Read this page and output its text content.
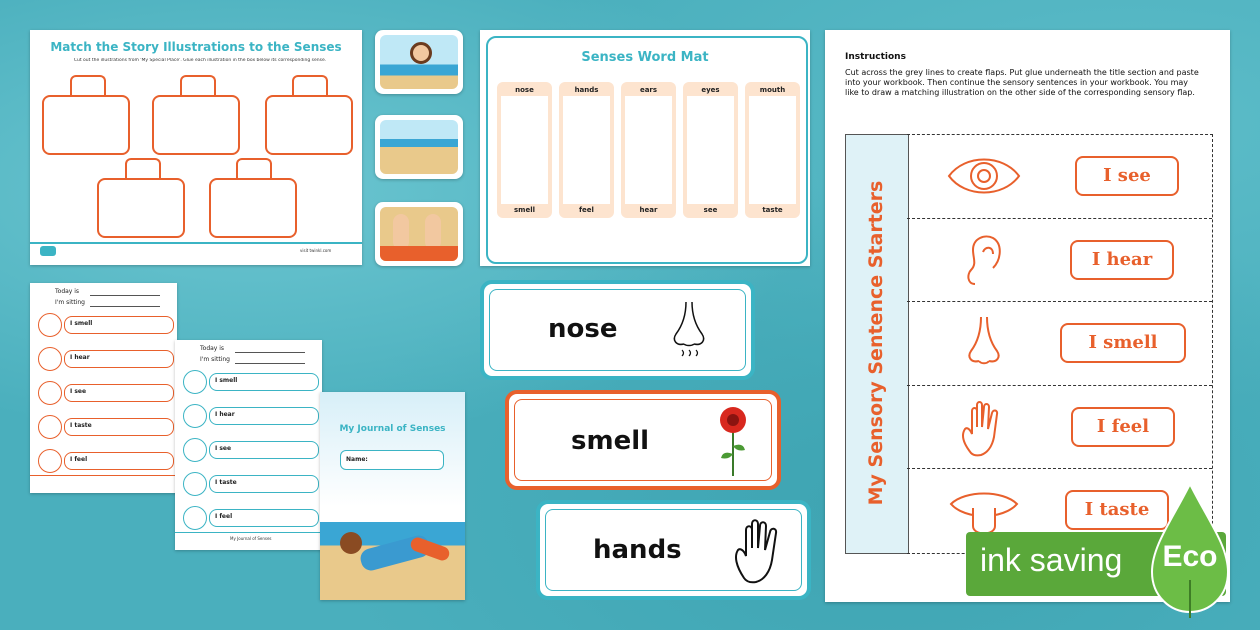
Match the Story Illustrations to the Senses
Cut out the illustrations from 'My Special Place'. Glue each illustration in the box below its corresponding sense.
visit twinkl.com
Senses Word Mat
nose
smell
hands
feel
ears
hear
eyes
see
mouth
taste
Today is
I'm sitting
I smell
I hear
I see
I taste
I feel
Today is
I'm sitting
I smell
I hear
I see
I taste
I feel
My Journal of Senses
My Journal of Senses
Name:
nose
smell
hands
Instructions
Cut across the grey lines to create flaps. Put glue underneath the title section and paste into your workbook. Then continue the sensory sentences in your workbook. You may like to draw a matching illustration on the other side of the corresponding sensory flap.
My Sensory Sentence Starters
I see
I hear
I smell
I feel
I taste
ink saving Eco
